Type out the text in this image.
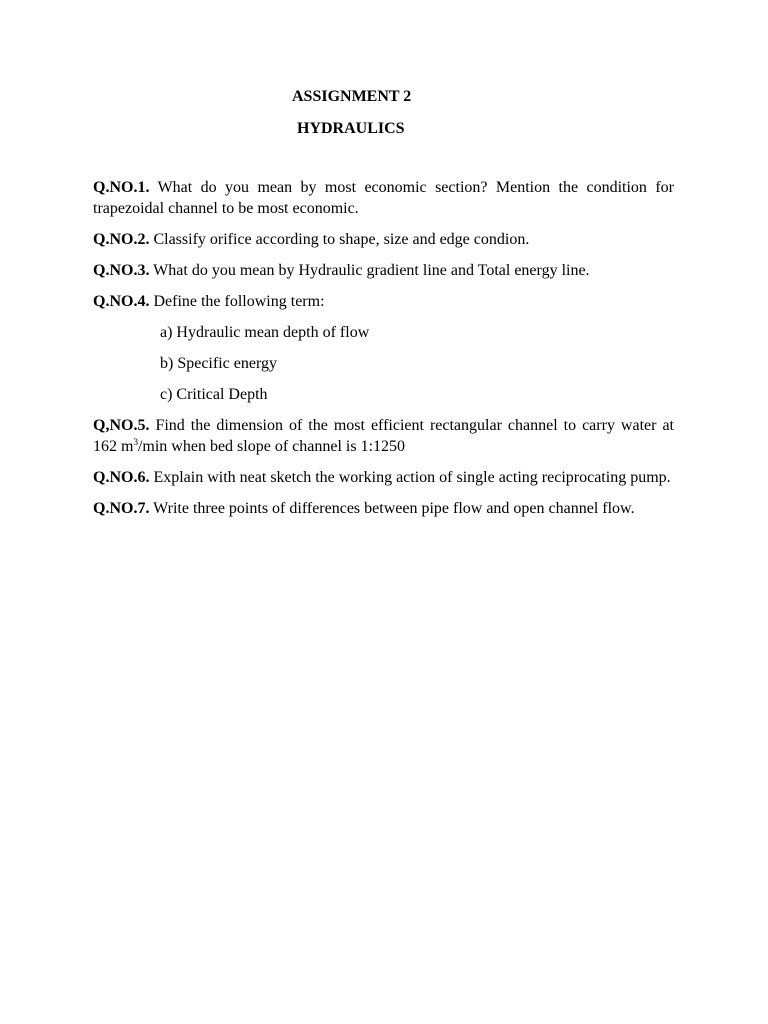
ASSIGNMENT 2
HYDRAULICS

Q.NO.1. What do you mean by most economic section? Mention the condition for trapezoidal channel to be most economic.

Q.NO.2. Classify orifice according to shape, size and edge condion.

Q.NO.3. What do you mean by Hydraulic gradient line and Total energy line.

Q.NO.4. Define the following term:

a) Hydraulic mean depth of flow

b) Specific energy

c) Critical Depth

Q,NO.5. Find the dimension of the most efficient rectangular channel to carry water at 162 $m^3/\min$ when bed slope of channel is 1:1250

Q.NO.6. Explain with neat sketch the working action of single acting reciprocating pump.

Q.NO.7. Write three points of differences between pipe flow and open channel flow.
